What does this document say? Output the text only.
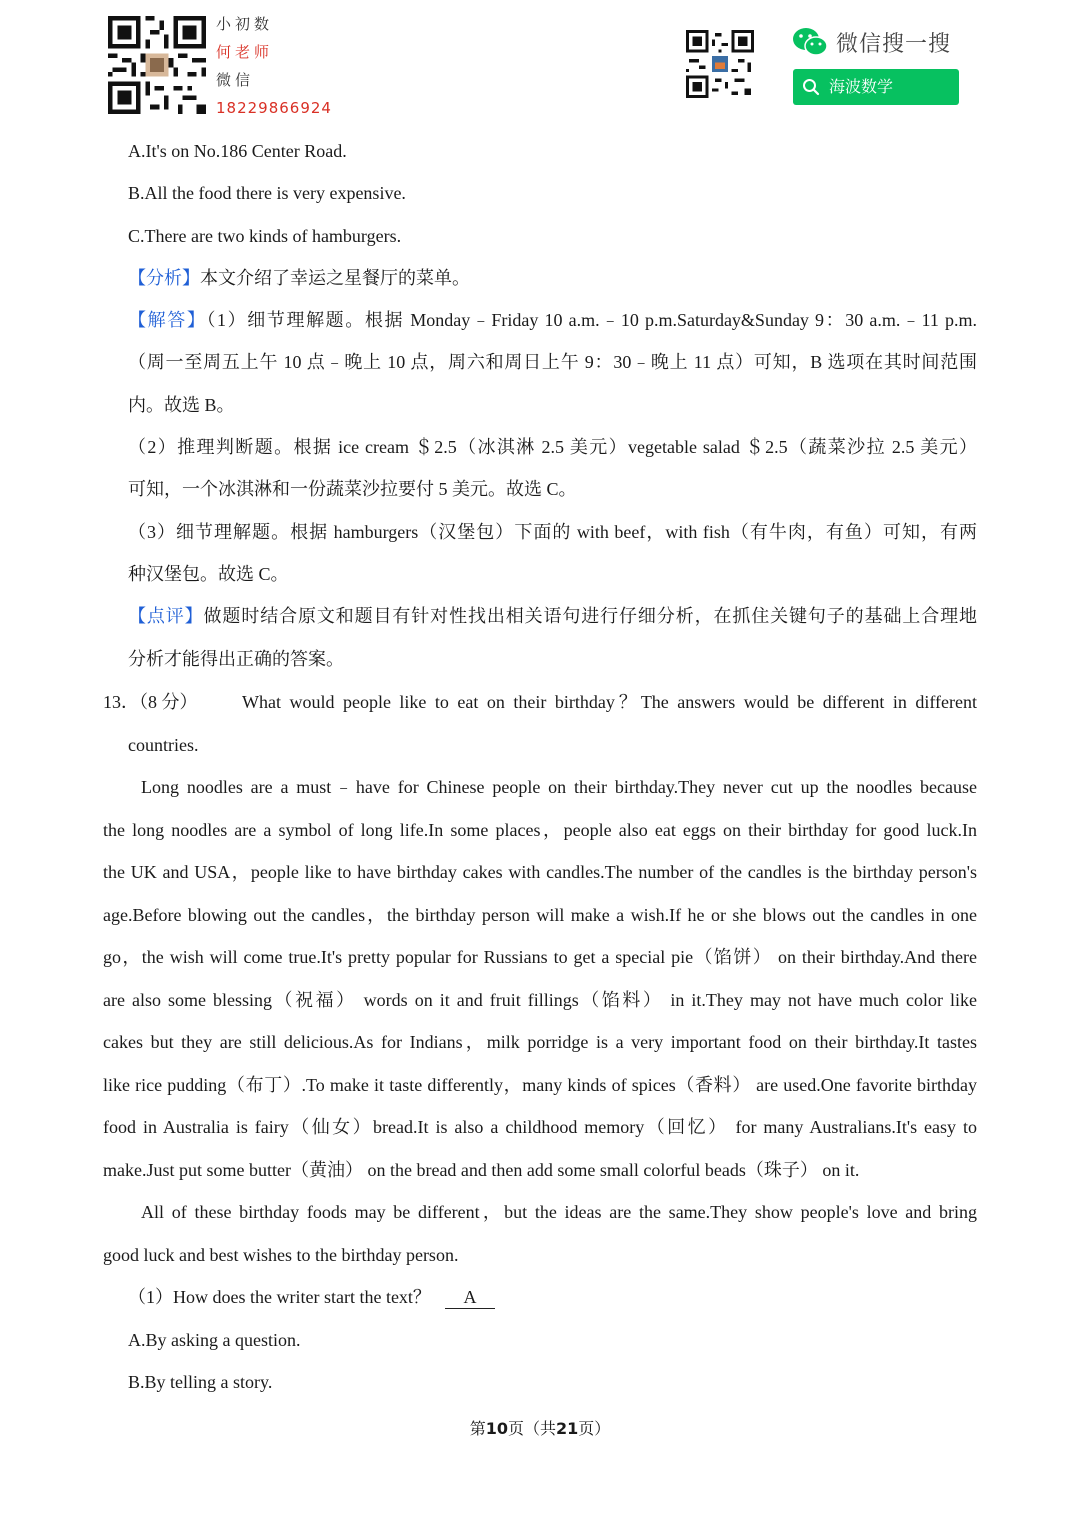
小初数
何老师
微信
18229866924
微信搜一搜
海波数学
A.It's on No.186 Center Road.
B.All the food there is very expensive.
C.There are two kinds of hamburgers.
【分析】本文介绍了幸运之星餐厅的菜单。
【解答】（1）细节理解题。根据 Monday﹣Friday 10 a.m.﹣10 p.m.Saturday&Sunday 9：30 a.m.﹣11 p.m.
（周一至周五上午 10 点﹣晚上 10 点，周六和周日上午 9：30﹣晚上 11 点）可知，B 选项在其时间范围
内。故选 B。
（2）推理判断题。根据 ice cream ＄2.5（冰淇淋 2.5 美元）vegetable salad ＄2.5（蔬菜沙拉 2.5 美元）
可知，一个冰淇淋和一份蔬菜沙拉要付 5 美元。故选 C。
（3）细节理解题。根据 hamburgers（汉堡包）下面的 with beef，with fish（有牛肉，有鱼）可知，有两
种汉堡包。故选 C。
【点评】做题时结合原文和题目有针对性找出相关语句进行仔细分析，在抓住关键句子的基础上合理地
分析才能得出正确的答案。
13．（8 分） What would people like to eat on their birthday？The answers would be different in different
countries.
Long noodles are a must﹣have for Chinese people on their birthday.They never cut up the noodles because
the long noodles are a symbol of long life.In some places，people also eat eggs on their birthday for good luck.In
the UK and USA，people like to have birthday cakes with candles.The number of the candles is the birthday person's
age.Before blowing out the candles，the birthday person will make a wish.If he or she blows out the candles in one
go，the wish will come true.It's pretty popular for Russians to get a special pie（馅饼） on their birthday.And there
are also some blessing（祝福） words on it and fruit fillings（馅料） in it.They may not have much color like
cakes but they are still delicious.As for Indians，milk porridge is a very important food on their birthday.It tastes
like rice pudding（布丁）.To make it taste differently，many kinds of spices（香料） are used.One favorite birthday
food in Australia is fairy（仙女）bread.It is also a childhood memory（回忆） for many Australians.It's easy to
make.Just put some butter（黄油） on the bread and then add some small colorful beads（珠子） on it.
All of these birthday foods may be different，but the ideas are the same.They show people's love and bring
good luck and best wishes to the birthday person.
（1）How does the writer start the text？ A
A.By asking a question.
B.By telling a story.
第10页（共21页）
